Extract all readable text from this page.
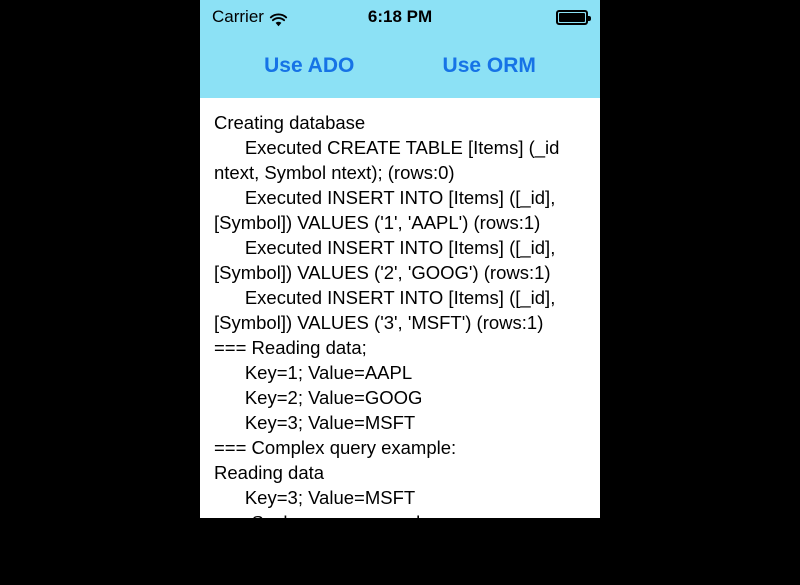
Carrier	6:18 PM
Use ADO	Use ORM
Creating database
Executed CREATE TABLE [Items] (_id ntext, Symbol ntext); (rows:0)
Executed INSERT INTO [Items] ([_id], [Symbol]) VALUES ('1', 'AAPL') (rows:1)
Executed INSERT INTO [Items] ([_id], [Symbol]) VALUES ('2', 'GOOG') (rows:1)
Executed INSERT INTO [Items] ([_id], [Symbol]) VALUES ('3', 'MSFT') (rows:1)
=== Reading data;
Key=1; Value=AAPL
Key=2; Value=GOOG
Key=3; Value=MSFT
=== Complex query example:
Reading data
Key=3; Value=MSFT
=== Scalar query example:
Executing a scalar query
Result=2
